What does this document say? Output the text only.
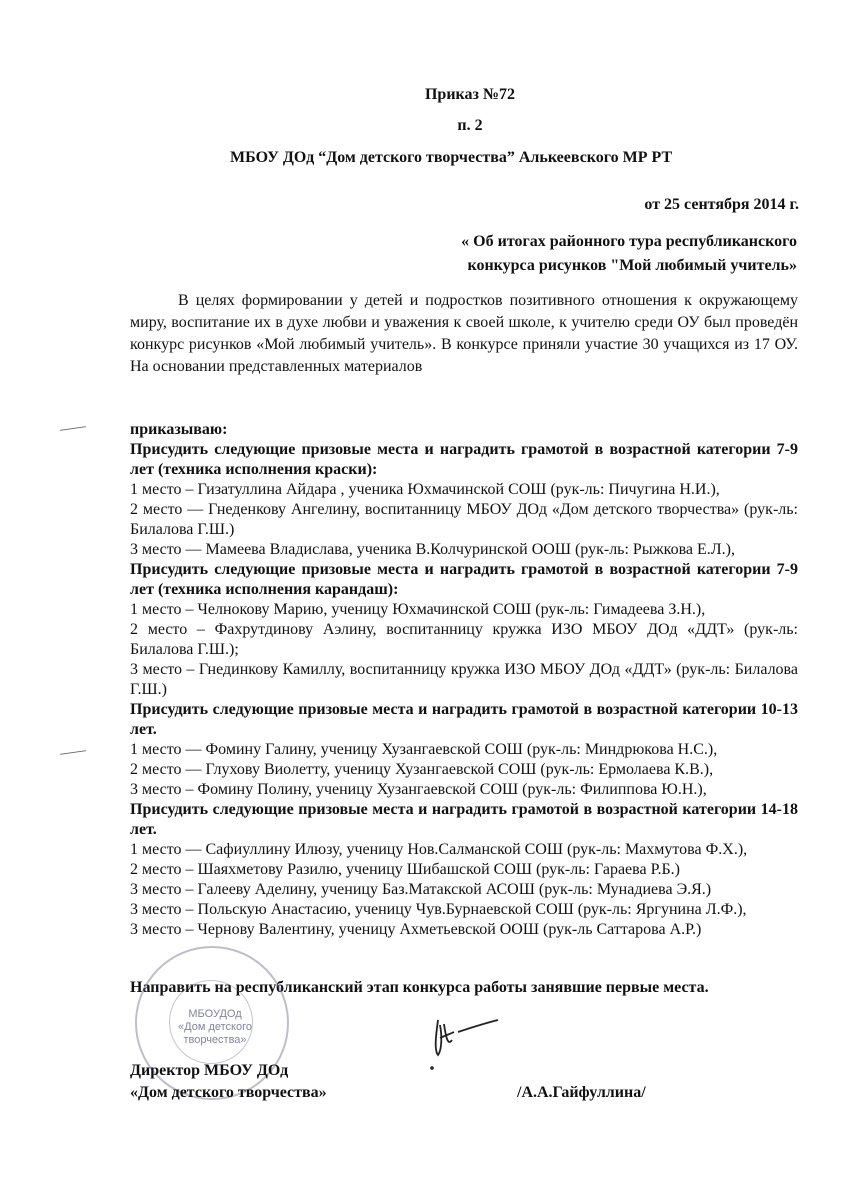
Приказ №72
п. 2
МБОУ ДОд “Дом детского творчества” Алькеевского МР РТ
от 25 сентября 2014 г.
« Об итогах районного тура республиканского
конкурса рисунков "Мой любимый учитель»
В целях формировании у детей и подростков позитивного отношения к окружающему миру, воспитание их в духе любви и уважения к своей школе, к учителю среди ОУ был проведён конкурс рисунков «Мой любимый учитель». В конкурсе приняли участие 30 учащихся из 17 ОУ. На основании представленных материалов
приказываю:
Присудить следующие призовые места и наградить грамотой в возрастной категории 7-9 лет (техника исполнения краски):
1 место – Гизатуллина Айдара , ученика Юхмачинской СОШ (рук-ль: Пичугина Н.И.),
2 место — Гнеденкову Ангелину, воспитанницу МБОУ ДОд «Дом детского творчества» (рук-ль: Билалова Г.Ш.)
3 место — Мамеева Владислава, ученика В.Колчуринской ООШ (рук-ль: Рыжкова Е.Л.),
Присудить следующие призовые места и наградить грамотой в возрастной категории 7-9 лет (техника исполнения карандаш):
1 место – Челнокову Марию, ученицу Юхмачинской СОШ (рук-ль: Гимадеева З.Н.),
2 место – Фахрутдинову Аэлину, воспитанницу кружка ИЗО МБОУ ДОд «ДДТ» (рук-ль: Билалова Г.Ш.);
3 место – Гнединкову Камиллу, воспитанницу кружка ИЗО МБОУ ДОд «ДДТ» (рук-ль: Билалова Г.Ш.)
Присудить следующие призовые места и наградить грамотой в возрастной категории 10-13 лет.
1 место — Фомину Галину, ученицу Хузангаевской СОШ (рук-ль: Миндрюкова Н.С.),
2 место — Глухову Виолетту, ученицу Хузангаевской СОШ (рук-ль: Ермолаева К.В.),
3 место – Фомину Полину, ученицу Хузангаевской СОШ (рук-ль: Филиппова Ю.Н.),
Присудить следующие призовые места и наградить грамотой в возрастной категории 14-18 лет.
1 место — Сафиуллину Илюзу, ученицу Нов.Салманской СОШ (рук-ль: Махмутова Ф.Х.),
2 место – Шаяхметову Разилю, ученицу Шибашской СОШ (рук-ль: Гараева Р.Б.)
3 место – Галееву Аделину, ученицу Баз.Матакской АСОШ (рук-ль: Мунадиева Э.Я.)
3 место – Польскую Анастасию, ученицу Чув.Бурнаевской СОШ (рук-ль: Яргунина Л.Ф.),
3 место – Чернову Валентину, ученицу Ахметьевской ООШ (рук-ль Саттарова А.Р.)
Направить на республиканский этап конкурса работы занявшие первые места.
МБОУДОд
«Дом детского
творчества»
Директор МБОУ ДОд
«Дом детского творчества»	/А.А.Гайфуллина/
